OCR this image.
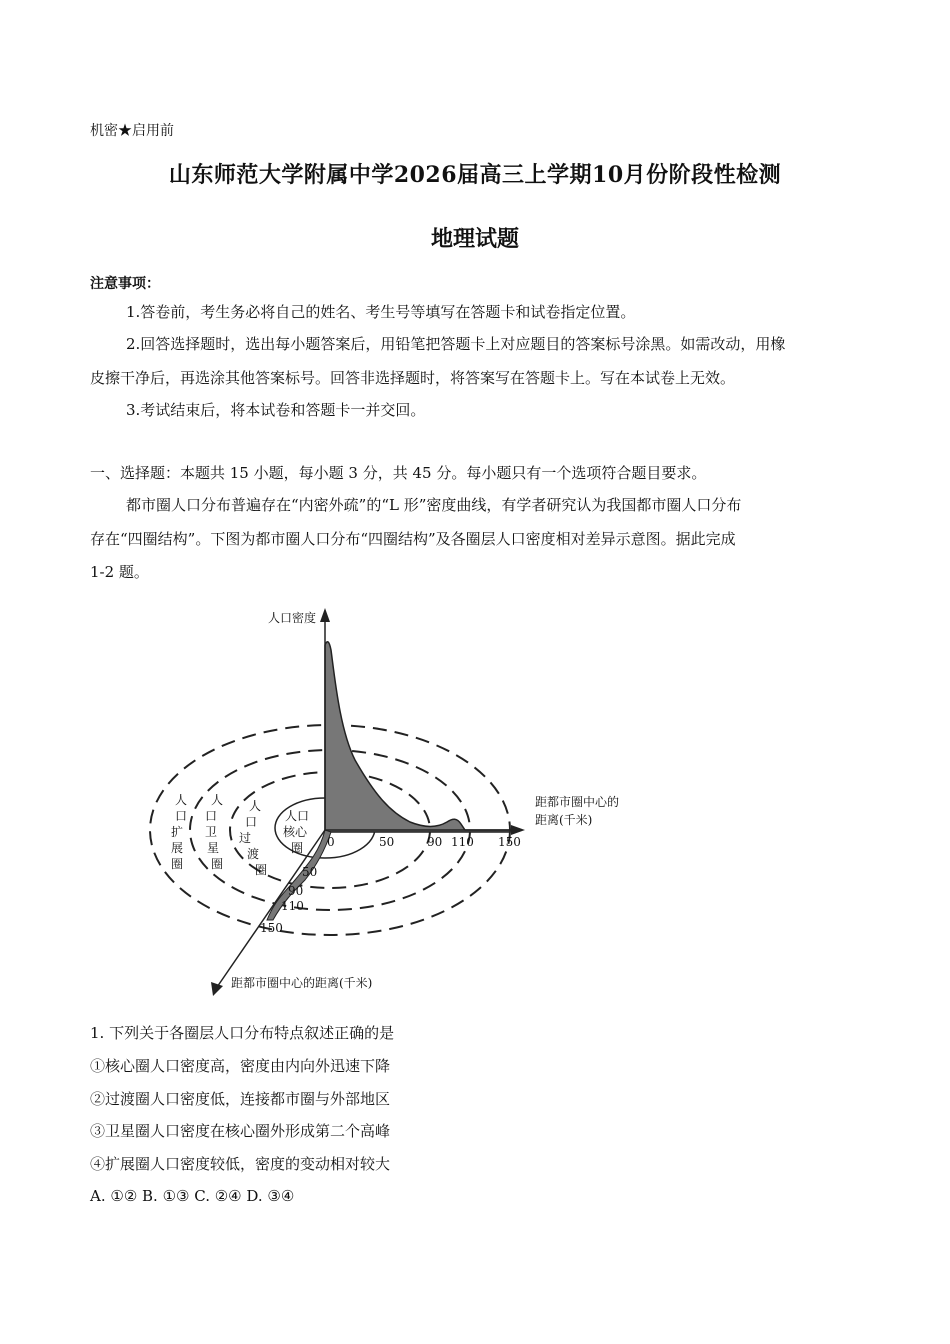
机密★启用前
山东师范大学附属中学2026届高三上学期10月份阶段性检测
地理试题
注意事项：
1.答卷前，考生务必将自己的姓名、考生号等填写在答题卡和试卷指定位置。
2.回答选择题时，选出每小题答案后，用铅笔把答题卡上对应题目的答案标号涂黑。如需改动，用橡
皮擦干净后，再选涂其他答案标号。回答非选择题时，将答案写在答题卡上。写在本试卷上无效。
3.考试结束后，将本试卷和答题卡一并交回。
一、选择题：本题共 15 小题，每小题 3 分，共 45 分。每小题只有一个选项符合题目要求。
都市圈人口分布普遍存在“内密外疏”的“L 形”密度曲线，有学者研究认为我国都市圈人口分布
存在“四圈结构”。下图为都市圈人口分布“四圈结构”及各圈层人口密度相对差异示意图。据此完成
1-2 题。
人口密度
距都市圈中心的
距离(千米)
距都市圈中心的距离(千米)
0	50	90 110 150
50
90
110
150
人 口 扩 展 圈
人 口 卫 星 圈
人 口 过 渡 圈
人口 核心 圈
1. 下列关于各圈层人口分布特点叙述正确的是
①核心圈人口密度高，密度由内向外迅速下降
②过渡圈人口密度低，连接都市圈与外部地区
③卫星圈人口密度在核心圈外形成第二个高峰
④扩展圈人口密度较低，密度的变动相对较大
A. ①② B. ①③ C. ②④ D. ③④
